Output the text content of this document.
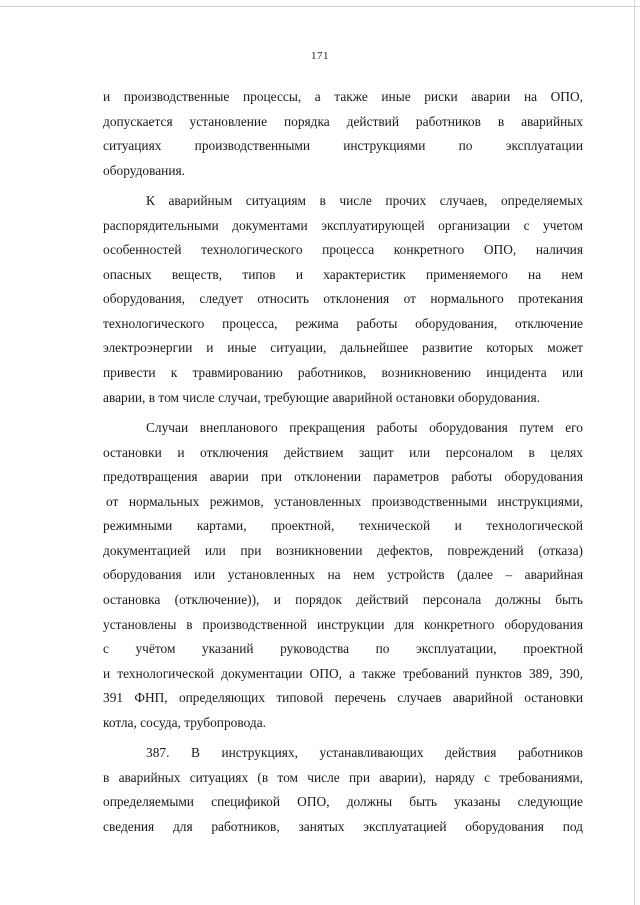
171

и производственные процессы, а также иные риски аварии на ОПО,
допускается установление порядка действий работников в аварийных
ситуациях производственными инструкциями по эксплуатации
оборудования.

К аварийным ситуациям в числе прочих случаев, определяемых
распорядительными документами эксплуатирующей организации с учетом
особенностей технологического процесса конкретного ОПО, наличия
опасных веществ, типов и характеристик применяемого на нем
оборудования, следует относить отклонения от нормального протекания
технологического процесса, режима работы оборудования, отключение
электроэнергии и иные ситуации, дальнейшее развитие которых может
привести к травмированию работников, возникновению инцидента или
аварии, в том числе случаи, требующие аварийной остановки оборудования.

Случаи внепланового прекращения работы оборудования путем его
остановки и отключения действием защит или персоналом в целях
предотвращения аварии при отклонении параметров работы оборудования
от нормальных режимов, установленных производственными инструкциями,
режимными картами, проектной, технической и технологической
документацией или при возникновении дефектов, повреждений (отказа)
оборудования или установленных на нем устройств (далее – аварийная
остановка (отключение)), и порядок действий персонала должны быть
установлены в производственной инструкции для конкретного оборудования
с учётом указаний руководства по эксплуатации, проектной
и технологической документации ОПО, а также требований пунктов 389, 390,
391 ФНП, определяющих типовой перечень случаев аварийной остановки
котла, сосуда, трубопровода.

387. В инструкциях, устанавливающих действия работников
в аварийных ситуациях (в том числе при аварии), наряду с требованиями,
определяемыми спецификой ОПО, должны быть указаны следующие
сведения для работников, занятых эксплуатацией оборудования под
